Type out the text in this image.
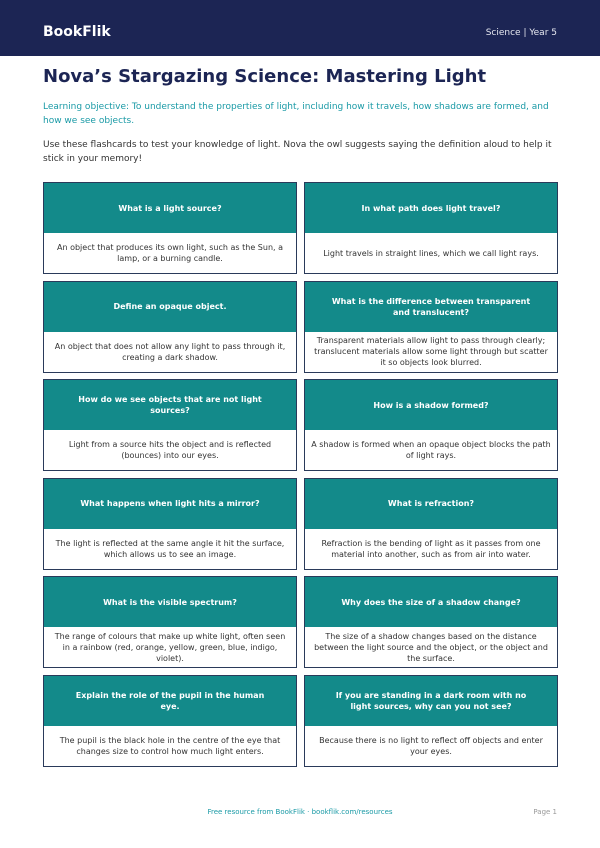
BookFlik	Science | Year 5
Nova’s Stargazing Science: Mastering Light
Learning objective: To understand the properties of light, including how it travels, how shadows are formed, and how we see objects.
Use these flashcards to test your knowledge of light. Nova the owl suggests saying the definition aloud to help it stick in your memory!
What is a light source?
An object that produces its own light, such as the Sun, a lamp, or a burning candle.
In what path does light travel?
Light travels in straight lines, which we call light rays.
Define an opaque object.
An object that does not allow any light to pass through it, creating a dark shadow.
What is the difference between transparent and translucent?
Transparent materials allow light to pass through clearly; translucent materials allow some light through but scatter it so objects look blurred.
How do we see objects that are not light sources?
Light from a source hits the object and is reflected (bounces) into our eyes.
How is a shadow formed?
A shadow is formed when an opaque object blocks the path of light rays.
What happens when light hits a mirror?
The light is reflected at the same angle it hit the surface, which allows us to see an image.
What is refraction?
Refraction is the bending of light as it passes from one material into another, such as from air into water.
What is the visible spectrum?
The range of colours that make up white light, often seen in a rainbow (red, orange, yellow, green, blue, indigo, violet).
Why does the size of a shadow change?
The size of a shadow changes based on the distance between the light source and the object, or the object and the surface.
Explain the role of the pupil in the human eye.
The pupil is the black hole in the centre of the eye that changes size to control how much light enters.
If you are standing in a dark room with no light sources, why can you not see?
Because there is no light to reflect off objects and enter your eyes.
Free resource from BookFlik · bookflik.com/resources	Page 1
